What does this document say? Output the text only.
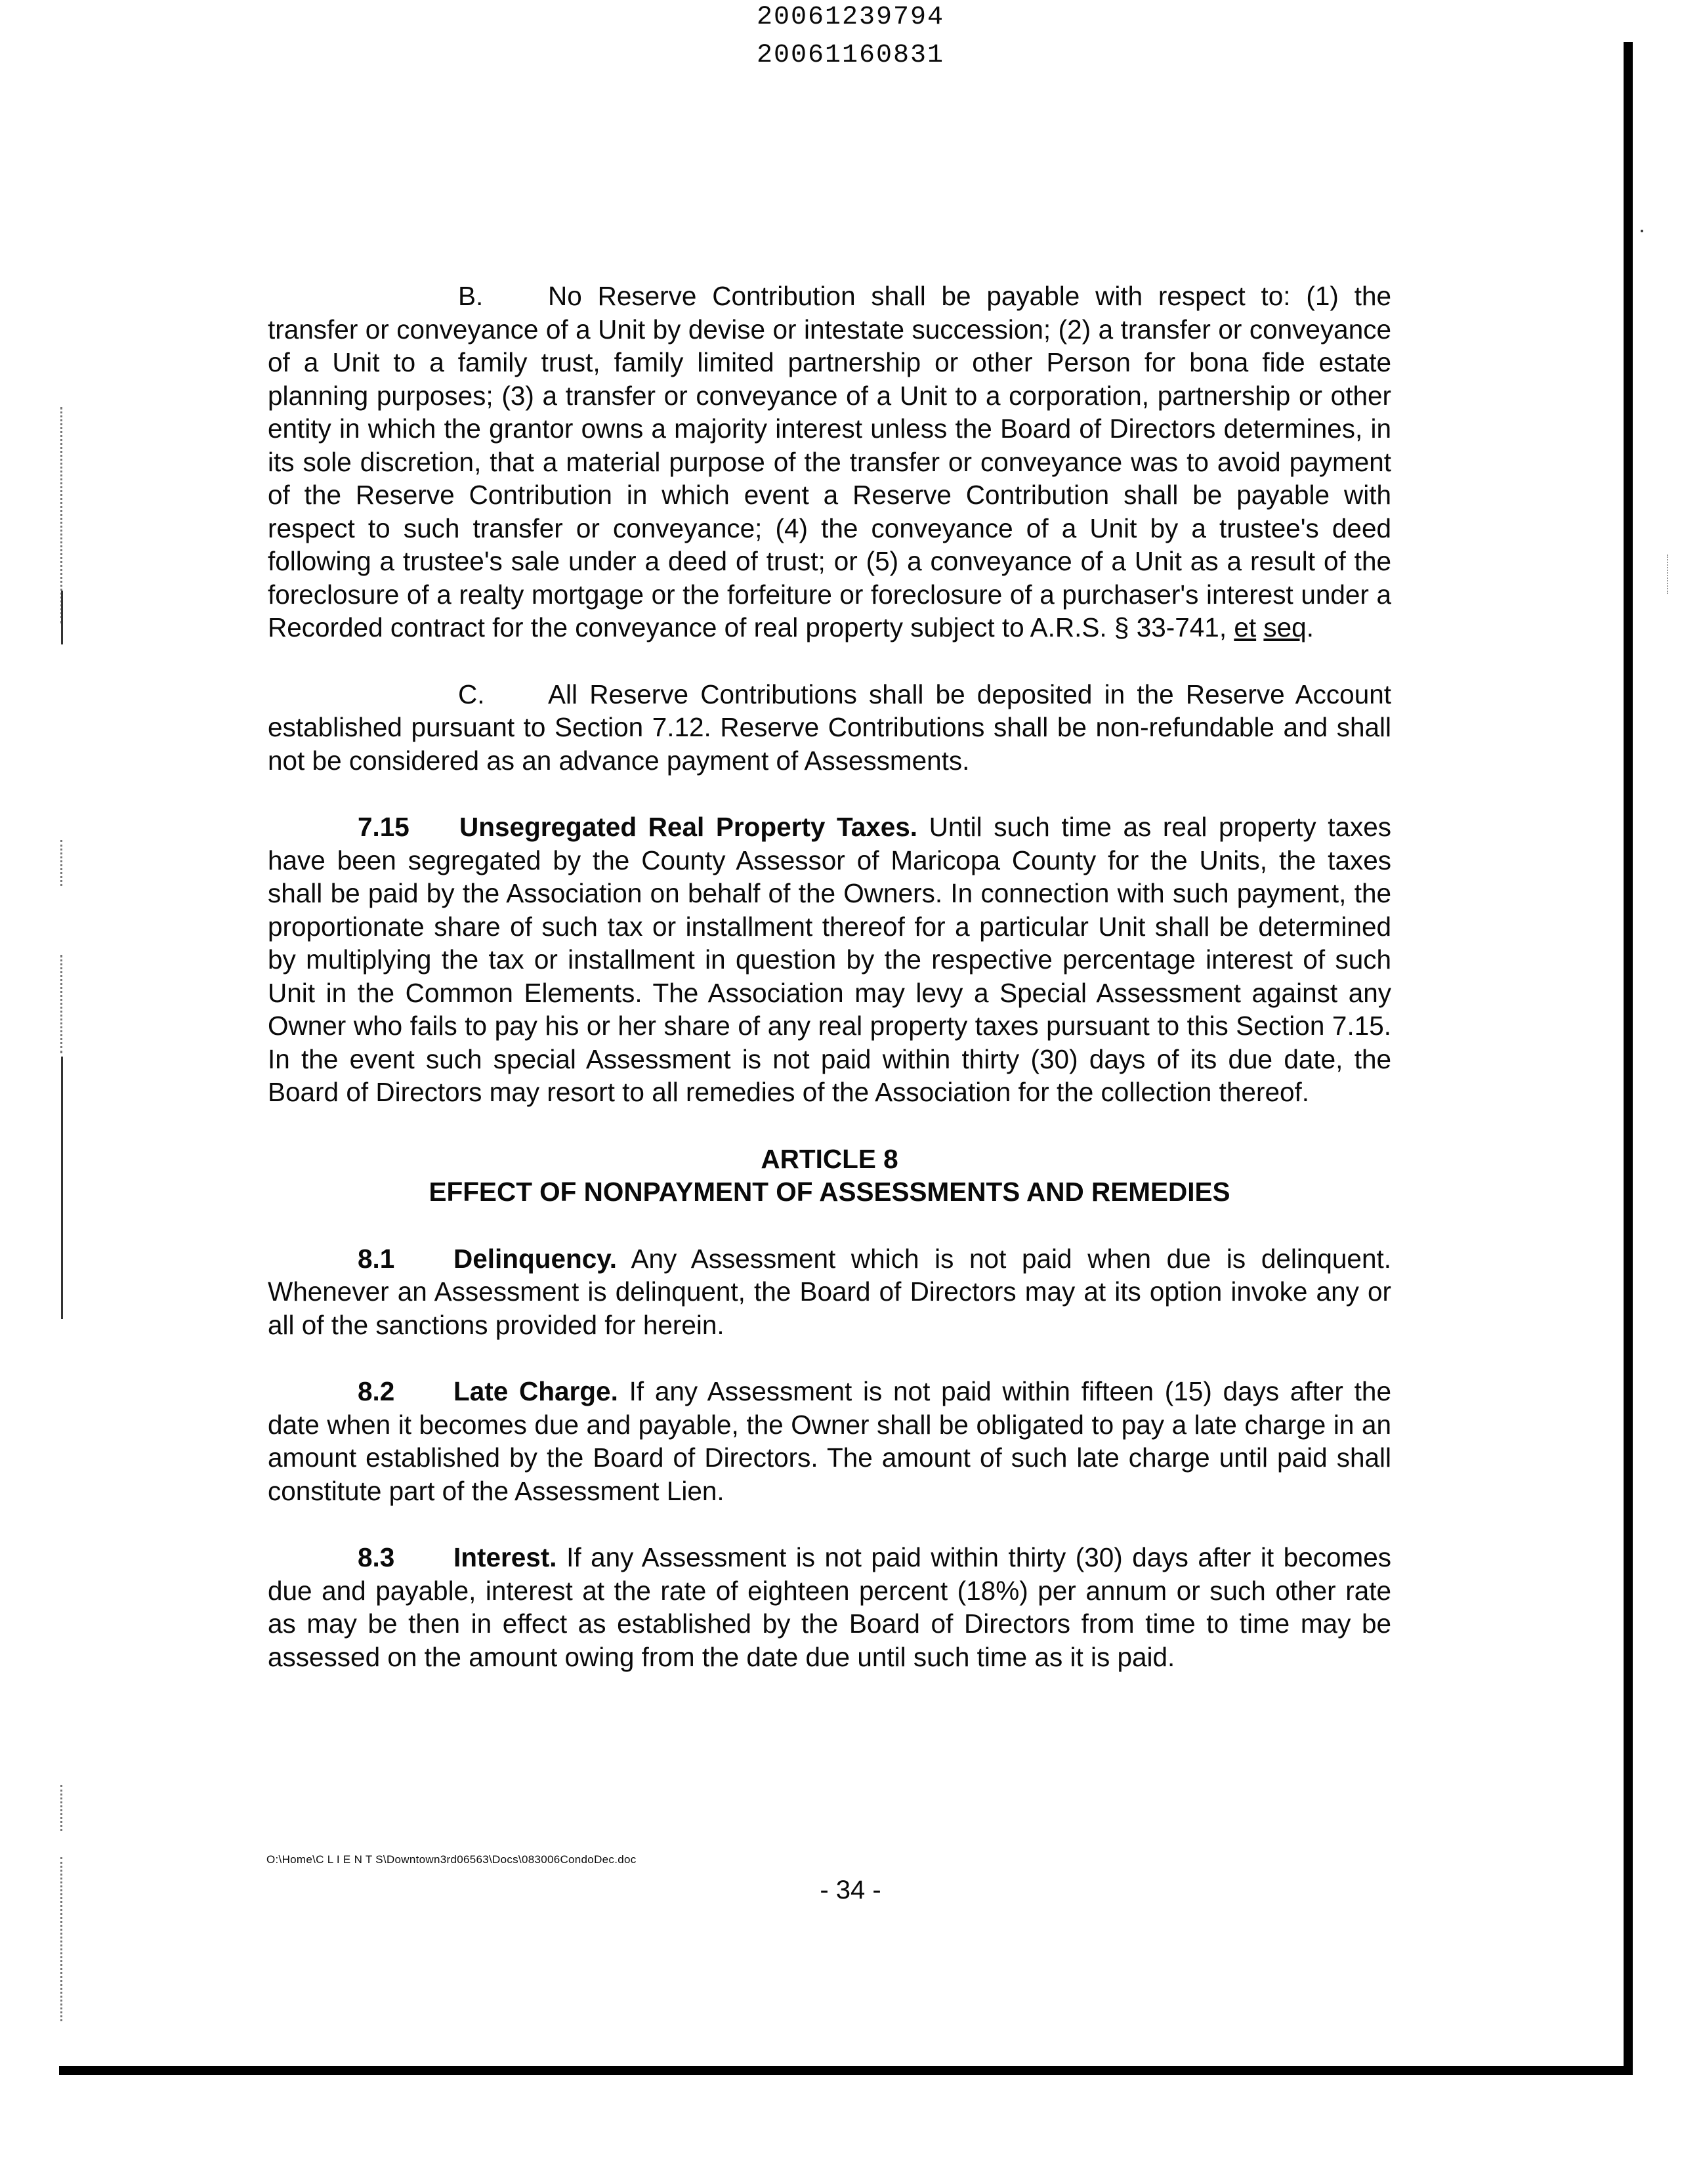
20061239794
20061160831

B. No Reserve Contribution shall be payable with respect to: (1) the transfer or conveyance of a Unit by devise or intestate succession; (2) a transfer or conveyance of a Unit to a family trust, family limited partnership or other Person for bona fide estate planning purposes; (3) a transfer or conveyance of a Unit to a corporation, partnership or other entity in which the grantor owns a majority interest unless the Board of Directors determines, in its sole discretion, that a material purpose of the transfer or conveyance was to avoid payment of the Reserve Contribution in which event a Reserve Contribution shall be payable with respect to such transfer or conveyance; (4) the conveyance of a Unit by a trustee's deed following a trustee's sale under a deed of trust; or (5) a conveyance of a Unit as a result of the foreclosure of a realty mortgage or the forfeiture or foreclosure of a purchaser's interest under a Recorded contract for the conveyance of real property subject to A.R.S. § 33-741, et seq.

C. All Reserve Contributions shall be deposited in the Reserve Account established pursuant to Section 7.12. Reserve Contributions shall be non-refundable and shall not be considered as an advance payment of Assessments.

7.15 Unsegregated Real Property Taxes. Until such time as real property taxes have been segregated by the County Assessor of Maricopa County for the Units, the taxes shall be paid by the Association on behalf of the Owners. In connection with such payment, the proportionate share of such tax or installment thereof for a particular Unit shall be determined by multiplying the tax or installment in question by the respective percentage interest of such Unit in the Common Elements. The Association may levy a Special Assessment against any Owner who fails to pay his or her share of any real property taxes pursuant to this Section 7.15. In the event such special Assessment is not paid within thirty (30) days of its due date, the Board of Directors may resort to all remedies of the Association for the collection thereof.

ARTICLE 8
EFFECT OF NONPAYMENT OF ASSESSMENTS AND REMEDIES

8.1 Delinquency. Any Assessment which is not paid when due is delinquent. Whenever an Assessment is delinquent, the Board of Directors may at its option invoke any or all of the sanctions provided for herein.

8.2 Late Charge. If any Assessment is not paid within fifteen (15) days after the date when it becomes due and payable, the Owner shall be obligated to pay a late charge in an amount established by the Board of Directors. The amount of such late charge until paid shall constitute part of the Assessment Lien.

8.3 Interest. If any Assessment is not paid within thirty (30) days after it becomes due and payable, interest at the rate of eighteen percent (18%) per annum or such other rate as may be then in effect as established by the Board of Directors from time to time may be assessed on the amount owing from the date due until such time as it is paid.

O:\Home\C L I E N T S\Downtown3rd06563\Docs\083006CondoDec.doc
- 34 -
